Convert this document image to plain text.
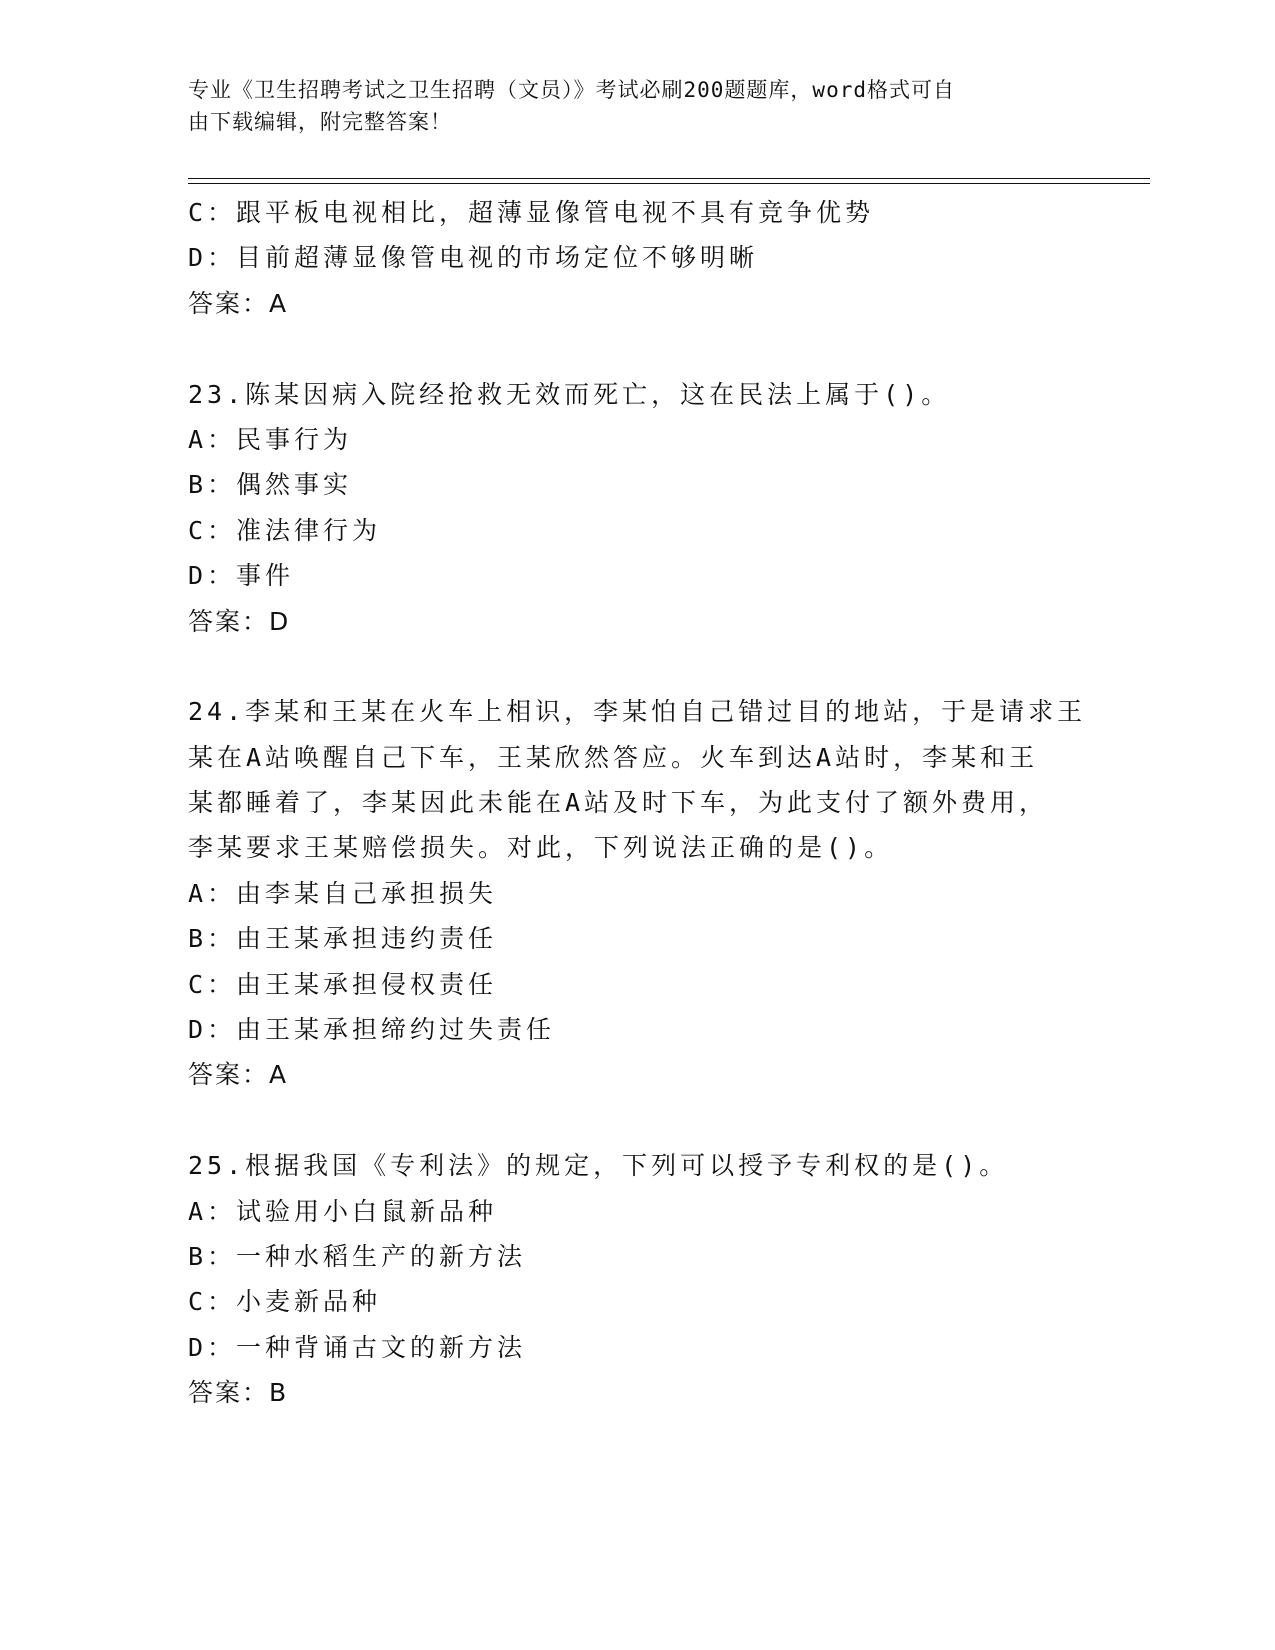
专业《卫生招聘考试之卫生招聘（文员）》考试必刷200题题库，word格式可自
由下载编辑，附完整答案！
C：跟平板电视相比，超薄显像管电视不具有竞争优势
D：目前超薄显像管电视的市场定位不够明晰
答案：A
23.陈某因病入院经抢救无效而死亡，这在民法上属于()。
A：民事行为
B：偶然事实
C：准法律行为
D：事件
答案：D
24.李某和王某在火车上相识，李某怕自己错过目的地站，于是请求王
某在A站唤醒自己下车，王某欣然答应。火车到达A站时，李某和王
某都睡着了，李某因此未能在A站及时下车，为此支付了额外费用，
李某要求王某赔偿损失。对此，下列说法正确的是()。
A：由李某自己承担损失
B：由王某承担违约责任
C：由王某承担侵权责任
D：由王某承担缔约过失责任
答案：A
25.根据我国《专利法》的规定，下列可以授予专利权的是()。
A：试验用小白鼠新品种
B：一种水稻生产的新方法
C：小麦新品种
D：一种背诵古文的新方法
答案：B
